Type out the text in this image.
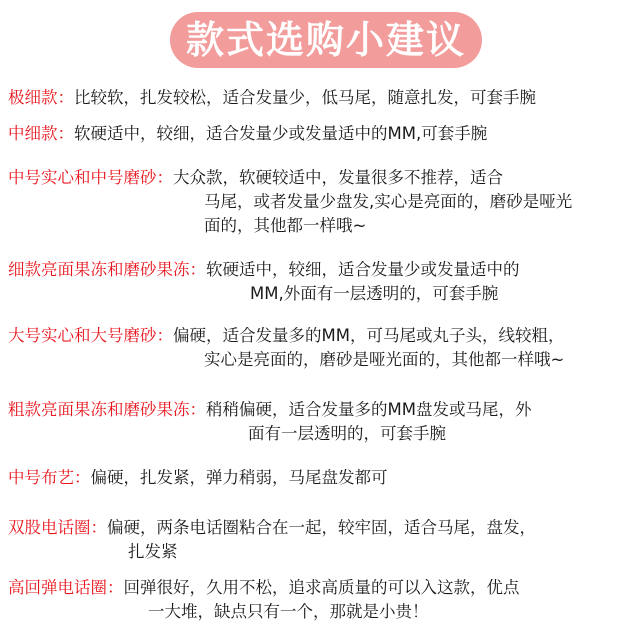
款式选购小建议
极细款： 比较软，扎发较松，适合发量少，低马尾，随意扎发，可套手腕
中细款： 软硬适中，较细，适合发量少或发量适中的MM,可套手腕
中号实心和中号磨砂： 大众款，软硬较适中，发量很多不推荐，适合
马尾，或者发量少盘发,实心是亮面的，磨砂是哑光
面的，其他都一样哦~
细款亮面果冻和磨砂果冻： 软硬适中，较细，适合发量少或发量适中的
MM,外面有一层透明的，可套手腕
大号实心和大号磨砂： 偏硬，适合发量多的MM，可马尾或丸子头，线较粗，
实心是亮面的，磨砂是哑光面的，其他都一样哦~
粗款亮面果冻和磨砂果冻： 稍稍偏硬，适合发量多的MM盘发或马尾，外
面有一层透明的，可套手腕
中号布艺： 偏硬，扎发紧，弹力稍弱，马尾盘发都可
双股电话圈： 偏硬，两条电话圈粘合在一起，较牢固，适合马尾，盘发，
扎发紧
高回弹电话圈： 回弹很好，久用不松，追求高质量的可以入这款，优点
一大堆，缺点只有一个，那就是小贵！
